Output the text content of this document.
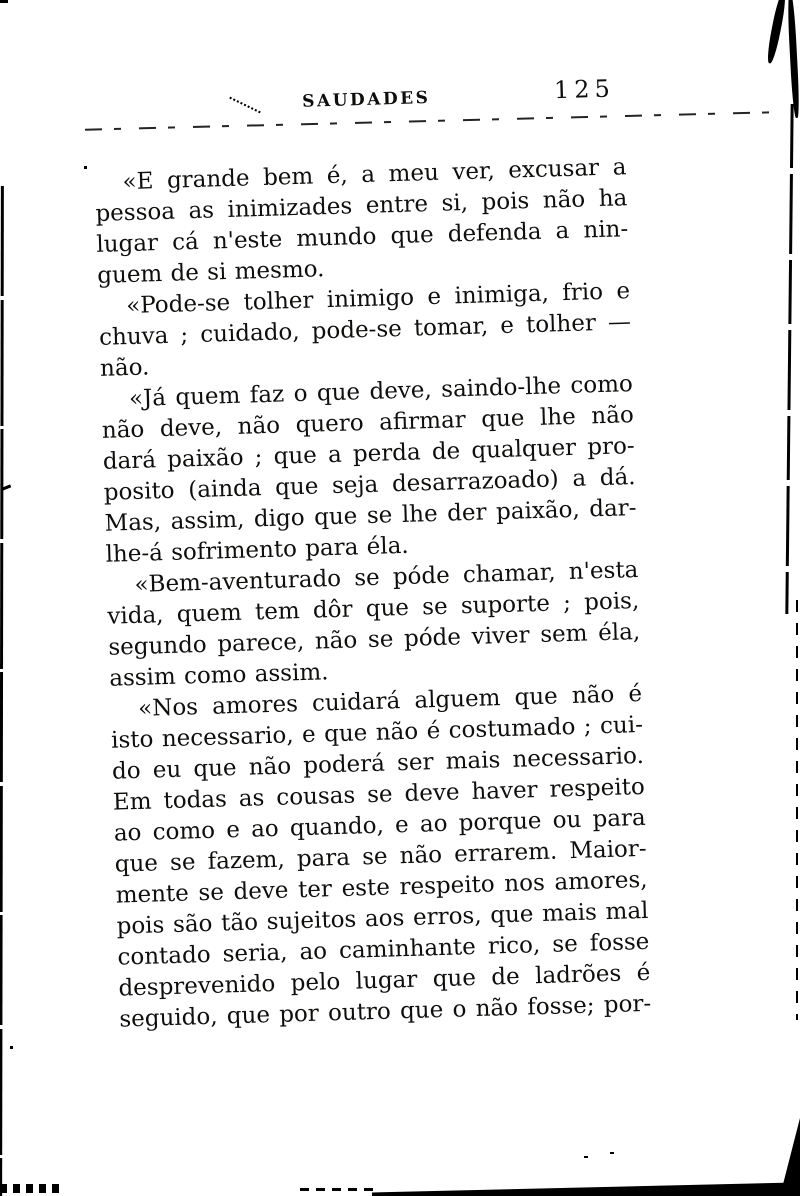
SAUDADES	125
«E grande bem é, a meu ver, excusar a
pessoa as inimizades entre si, pois não ha
lugar cá n'este mundo que defenda a nin-
guem de si mesmo.
«Pode-se tolher inimigo e inimiga, frio e
chuva ; cuidado, pode-se tomar, e tolher —
não.
«Já quem faz o que deve, saindo-lhe como
não deve, não quero afirmar que lhe não
dará paixão ; que a perda de qualquer pro-
posito (ainda que seja desarrazoado) a dá.
Mas, assim, digo que se lhe der paixão, dar-
lhe-á sofrimento para éla.
«Bem-aventurado se póde chamar, n'esta
vida, quem tem dôr que se suporte ; pois,
segundo parece, não se póde viver sem éla,
assim como assim.
«Nos amores cuidará alguem que não é
isto necessario, e que não é costumado ; cui-
do eu que não poderá ser mais necessario.
Em todas as cousas se deve haver respeito
ao como e ao quando, e ao porque ou para
que se fazem, para se não errarem. Maior-
mente se deve ter este respeito nos amores,
pois são tão sujeitos aos erros, que mais mal
contado seria, ao caminhante rico, se fosse
desprevenido pelo lugar que de ladrões é
seguido, que por outro que o não fosse; por-
